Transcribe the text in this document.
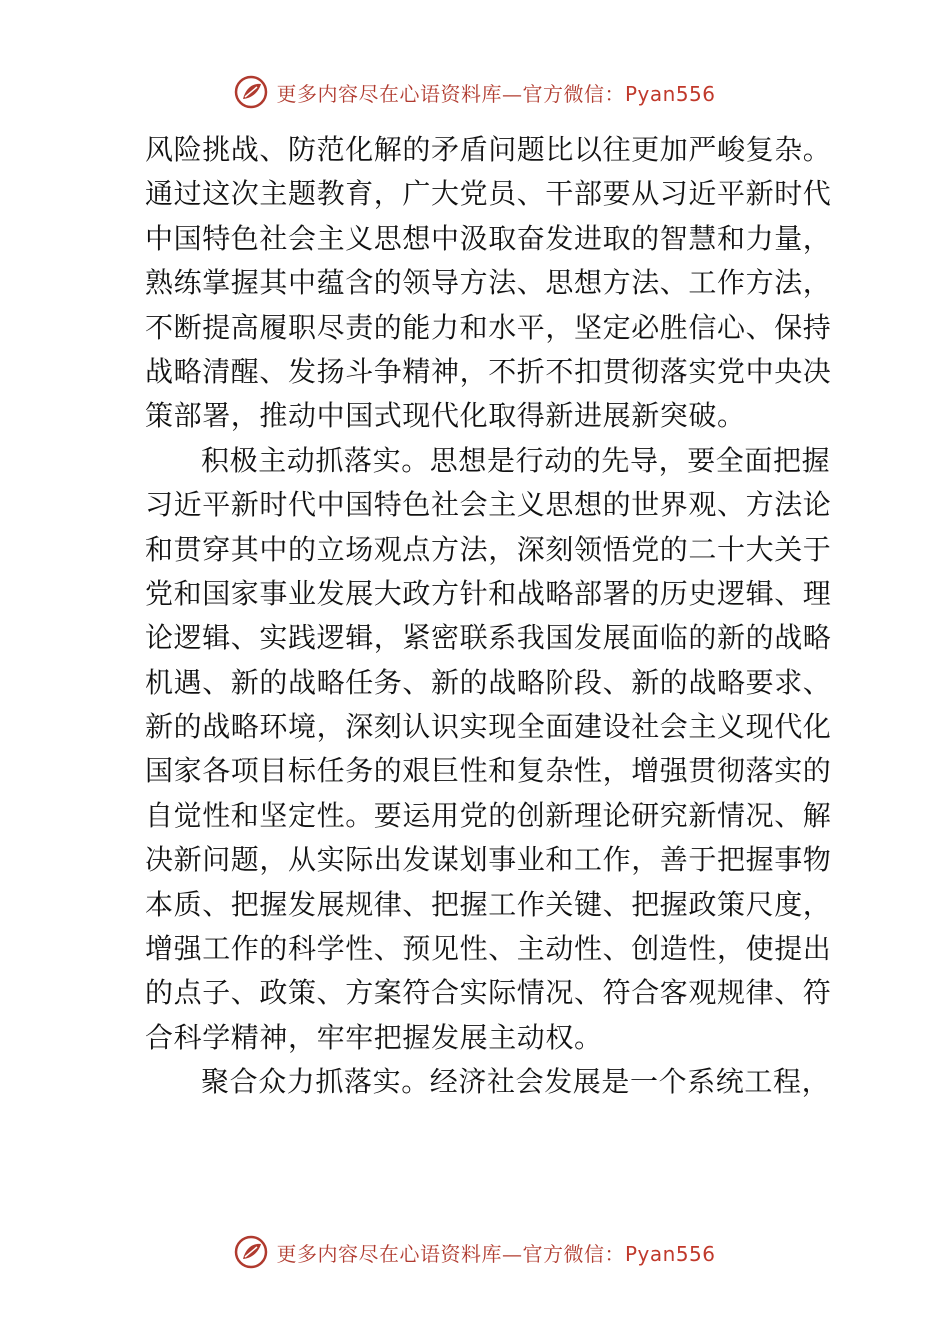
更多内容尽在心语资料库—官方微信：Pyan556
风险挑战、防范化解的矛盾问题比以往更加严峻复杂。
通过这次主题教育，广大党员、干部要从习近平新时代
中国特色社会主义思想中汲取奋发进取的智慧和力量，
熟练掌握其中蕴含的领导方法、思想方法、工作方法，
不断提高履职尽责的能力和水平，坚定必胜信心、保持
战略清醒、发扬斗争精神，不折不扣贯彻落实党中央决
策部署，推动中国式现代化取得新进展新突破。
积极主动抓落实。思想是行动的先导，要全面把握
习近平新时代中国特色社会主义思想的世界观、方法论
和贯穿其中的立场观点方法，深刻领悟党的二十大关于
党和国家事业发展大政方针和战略部署的历史逻辑、理
论逻辑、实践逻辑，紧密联系我国发展面临的新的战略
机遇、新的战略任务、新的战略阶段、新的战略要求、
新的战略环境，深刻认识实现全面建设社会主义现代化
国家各项目标任务的艰巨性和复杂性，增强贯彻落实的
自觉性和坚定性。要运用党的创新理论研究新情况、解
决新问题，从实际出发谋划事业和工作，善于把握事物
本质、把握发展规律、把握工作关键、把握政策尺度，
增强工作的科学性、预见性、主动性、创造性，使提出
的点子、政策、方案符合实际情况、符合客观规律、符
合科学精神，牢牢把握发展主动权。
聚合众力抓落实。经济社会发展是一个系统工程，
更多内容尽在心语资料库—官方微信：Pyan556
